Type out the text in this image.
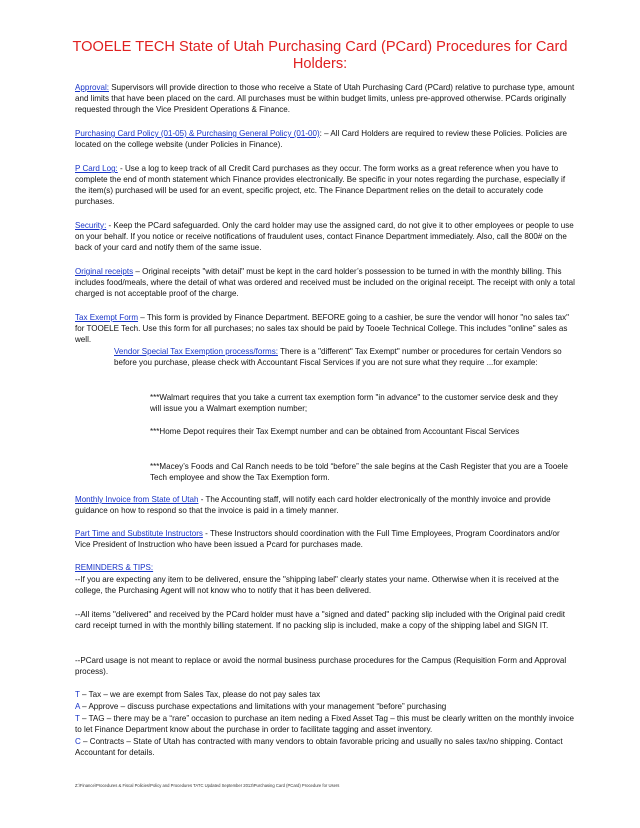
TOOELE TECH State of Utah Purchasing Card (PCard) Procedures for Card Holders:

Approval: Supervisors will provide direction to those who receive a State of Utah Purchasing Card (PCard) relative to purchase type, amount and limits that have been placed on the card. All purchases must be within budget limits, unless pre-approved otherwise. PCards originally requested through the Vice President Operations & Finance.

Purchasing Card Policy (01-05) & Purchasing General Policy (01-00): – All Card Holders are required to review these Policies. Policies are located on the college website (under Policies in Finance).

P Card Log: - Use a log to keep track of all Credit Card purchases as they occur. The form works as a great reference when you have to complete the end of month statement which Finance provides electronically. Be specific in your notes regarding the purchase, especially if the item(s) purchased will be used for an event, specific project, etc. The Finance Department relies on the detail to accurately code purchases.

Security: - Keep the PCard safeguarded. Only the card holder may use the assigned card, do not give it to other employees or people to use on your behalf. If you notice or receive notifications of fraudulent uses, contact Finance Department immediately. Also, call the 800# on the back of your card and notify them of the same issue.

Original receipts – Original receipts "with detail" must be kept in the card holder’s possession to be turned in with the monthly billing. This includes food/meals, where the detail of what was ordered and received must be included on the original receipt. The receipt with only a total charged is not acceptable proof of the charge.

Tax Exempt Form – This form is provided by Finance Department. BEFORE going to a cashier, be sure the vendor will honor "no sales tax" for TOOELE Tech. Use this form for all purchases; no sales tax should be paid by Tooele Technical College. This includes "online" sales as well.

Vendor Special Tax Exemption process/forms: There is a "different" Tax Exempt" number or procedures for certain Vendors so before you purchase, please check with Accountant Fiscal Services if you are not sure what they require ...for example:

***Walmart requires that you take a current tax exemption form "in advance" to the customer service desk and they will issue you a Walmart exemption number;

***Home Depot requires their Tax Exempt number and can be obtained from Accountant Fiscal Services

***Macey’s Foods and Cal Ranch needs to be told “before” the sale begins at the Cash Register that you are a Tooele Tech employee and show the Tax Exemption form.

Monthly Invoice from State of Utah - The Accounting staff, will notify each card holder electronically of the monthly invoice and provide guidance on how to respond so that the invoice is paid in a timely manner.

Part Time and Substitute Instructors - These Instructors should coordination with the Full Time Employees, Program Coordinators and/or Vice President of Instruction who have been issued a Pcard for purchases made.

REMINDERS & TIPS:

--If you are expecting any item to be delivered, ensure the "shipping label" clearly states your name. Otherwise when it is received at the college, the Purchasing Agent will not know who to notify that it has been delivered.

--All items "delivered" and received by the PCard holder must have a "signed and dated" packing slip included with the Original paid credit card receipt turned in with the monthly billing statement. If no packing slip is included, make a copy of the shipping label and SIGN IT.

--PCard usage is not meant to replace or avoid the normal business purchase procedures for the Campus (Requisition Form and Approval process).

T – Tax – we are exempt from Sales Tax, please do not pay sales tax

A – Approve – discuss purchase expectations and limitations with your management “before” purchasing

T – TAG – there may be a “rare” occasion to purchase an item neding a Fixed Asset Tag – this must be clearly written on the monthly invoice to let Finance Department know about the purchase in order to facilitate tagging and asset inventory.

C – Contracts – State of Utah has contracted with many vendors to obtain favorable pricing and usually no sales tax/no shipping. Contact Accountant for details.

Z:\Finance\Procedures & Fiscal Policies\Policy and Procedures TATC Updated September 2013\Purchasing Card (PCard) Procedure for Users
